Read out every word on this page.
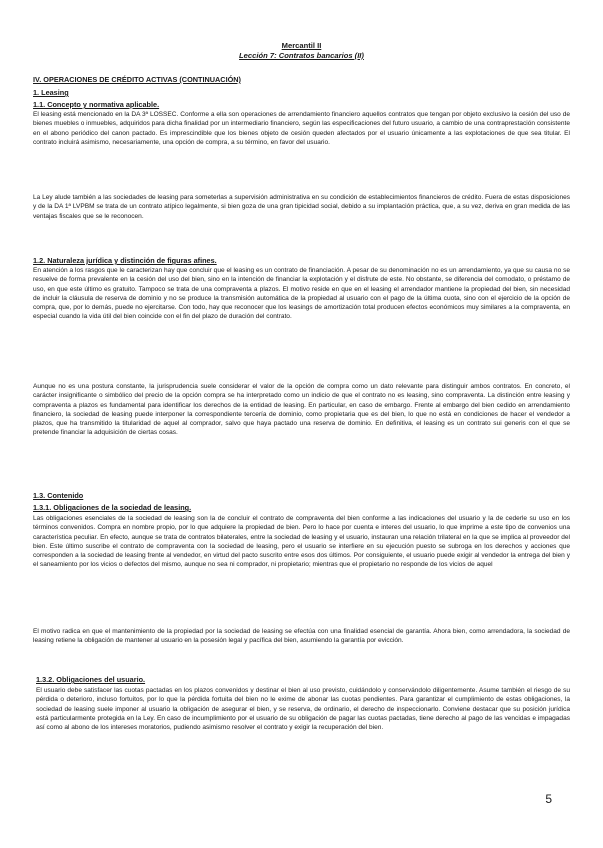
Mercantil II
Lección 7: Contratos bancarios (II)
IV. OPERACIONES DE CRÉDITO ACTIVAS (CONTINUACIÓN)
1. Leasing
1.1. Concepto y normativa aplicable.
El leasing está mencionado en la DA 3ª LOSSEC. Conforme a ella son operaciones de arrendamiento financiero aquellos contratos que tengan por objeto exclusivo la cesión del uso de bienes muebles o inmuebles, adquiridos para dicha finalidad por un intermediario financiero, según las especificaciones del futuro usuario, a cambio de una contraprestación consistente en el abono periódico del canon pactado. Es imprescindible que los bienes objeto de cesión queden afectados por el usuario únicamente a las explotaciones de que sea titular. El contrato incluirá asimismo, necesariamente, una opción de compra, a su término, en favor del usuario.
La Ley alude también a las sociedades de leasing para someterlas a supervisión administrativa en su condición de establecimientos financieros de crédito. Fuera de estas disposiciones y de la DA 1ª LVPBM se trata de un contrato atípico legalmente, si bien goza de una gran tipicidad social, debido a su implantación práctica, que, a su vez, deriva en gran medida de las ventajas fiscales que se le reconocen.
1.2. Naturaleza jurídica y distinción de figuras afines.
En atención a los rasgos que le caracterizan hay que concluir que el leasing es un contrato de financiación. A pesar de su denominación no es un arrendamiento, ya que su causa no se resuelve de forma prevalente en la cesión del uso del bien, sino en la intención de financiar la explotación y el disfrute de este. No obstante, se diferencia del comodato, o préstamo de uso, en que este último es gratuito. Tampoco se trata de una compraventa a plazos. El motivo reside en que en el leasing el arrendador mantiene la propiedad del bien, sin necesidad de incluir la cláusula de reserva de dominio y no se produce la transmisión automática de la propiedad al usuario con el pago de la última cuota, sino con el ejercicio de la opción de compra, que, por lo demás, puede no ejercitarse. Con todo, hay que reconocer que los leasings de amortización total producen efectos económicos muy similares a la compraventa, en especial cuando la vida útil del bien coincide con el fin del plazo de duración del contrato.
Aunque no es una postura constante, la jurisprudencia suele considerar el valor de la opción de compra como un dato relevante para distinguir ambos contratos. En concreto, el carácter insignificante o simbólico del precio de la opción compra se ha interpretado como un indicio de que el contrato no es leasing, sino compraventa. La distinción entre leasing y compraventa a plazos es fundamental para identificar los derechos de la entidad de leasing. En particular, en caso de embargo. Frente al embargo del bien cedido en arrendamiento financiero, la sociedad de leasing puede interponer la correspondiente tercería de dominio, como propietaria que es del bien, lo que no está en condiciones de hacer el vendedor a plazos, que ha transmitido la titularidad de aquel al comprador, salvo que haya pactado una reserva de dominio. En definitiva, el leasing es un contrato sui generis con el que se pretende financiar la adquisición de ciertas cosas.
1.3. Contenido
1.3.1. Obligaciones de la sociedad de leasing.
Las obligaciones esenciales de la sociedad de leasing son la de concluir el contrato de compraventa del bien conforme a las indicaciones del usuario y la de cederle su uso en los términos convenidos. Compra en nombre propio, por lo que adquiere la propiedad de bien. Pero lo hace por cuenta e interes del usuario, lo que imprime a este tipo de convenios una característica peculiar. En efecto, aunque se trata de contratos bilaterales, entre la sociedad de leasing y el usuario, instauran una relación trilateral en la que se implica al proveedor del bien. Este último suscribe el contrato de compraventa con la sociedad de leasing, pero el usuario se interfiere en su ejecución puesto se subroga en los derechos y acciones que corresponden a la sociedad de leasing frente al vendedor, en virtud del pacto suscrito entre esos dos últimos. Por consiguiente, el usuario puede exigir al vendedor la entrega del bien y el saneamiento por los vicios o defectos del mismo, aunque no sea ni comprador, ni propietario; mientras que el propietario no responde de los vicios de aquel
El motivo radica en que el mantenimiento de la propiedad por la sociedad de leasing se efectúa con una finalidad esencial de garantía. Ahora bien, como arrendadora, la sociedad de leasing retiene la obligación de mantener al usuario en la posesión legal y pacífica del bien, asumiendo la garantía por evicción.
1.3.2. Obligaciones del usuario.
El usuario debe satisfacer las cuotas pactadas en los plazos convenidos y destinar el bien al uso previsto, cuidándolo y conservándolo diligentemente. Asume también el riesgo de su pérdida o deterioro, incluso fortuitos, por lo que la pérdida fortuita del bien no le exime de abonar las cuotas pendientes. Para garantizar el cumplimiento de estas obligaciones, la sociedad de leasing suele imponer al usuario la obligación de asegurar el bien, y se reserva, de ordinario, el derecho de inspeccionarlo. Conviene destacar que su posición jurídica está particularmente protegida en la Ley. En caso de incumplimiento por el usuario de su obligación de pagar las cuotas pactadas, tiene derecho al pago de las vencidas e impagadas así como al abono de los intereses moratorios, pudiendo asimismo resolver el contrato y exigir la recuperación del bien.
5
